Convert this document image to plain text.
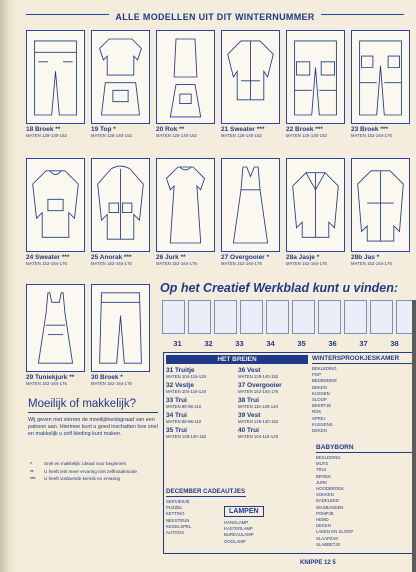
ALLE MODELLEN UIT DIT WINTERNUMMER
18 Broek **
MATEN 128-140-152
19 Top *
MATEN 128-140-152
20 Rok **
MATEN 128-140-152
21 Sweater ***
MATEN 128-140-152
22 Broek ***
MATEN 128-140-152
23 Broek ***
MATEN 152-164-176
24 Sweater ***
MATEN 152-164-176
25 Anorak ***
MATEN 152-164-176
26 Jurk **
MATEN 152-164-176
27 Overgooier *
MATEN 152-164-176
28a Jasje *
MATEN 152-164-176
28b Jas *
MATEN 152-164-176
29 Tuniekjurk **
MATEN 152-164-176
30 Broek *
MATEN 152-164-176
Op het Creatief Werkblad kunt u vinden:
31	32	33	34	35	36	37	38
HET BREIEN
31 Truitje
MATEN 104-116-128
36 Vest
MATEN 128-140-152
32 Vestje
MATEN 104-116-128
37 Overgooier
MATEN 152-164-176
33 Trui
MATEN 86-98-110
38 Trui
MATEN 116-128-140
34 Trui
MATEN 86-98-110
39 Vest
MATEN 128-140-152
35 Trui
MATEN 128-140-152
40 Trui
MATEN 104-116-128
WINTERSPROOKJESKAMER
BEKLEDING
POP
BEDBODEM
DEKEN
KUSSEN
SLOOP
BEERTJE
ROK
SPREI
KUSSENS
DEKEN
BABYBORN
BEKLEDING
MUTS
TRUI
BROEK
JURK
HOODBROEK
SOKKEN
BADKLEED
WASBANDEN
POMPJE
HEMD
DEKEN
LAKEN EN SLOOP
SLAAPZAK
SLABBETJE
DECEMBER CADEAUTJES
SERVIESJE
PUZZEL
KETTING
NEKSTEUN
KEGELSPEL
AUTOOS
LAMPEN
HANGLAMP
KASTERLAMP
BUREAULAMP
OOGLAMP
Moeilijk of makkelijk?

Wij geven met sterren de moeilijkheidsgraad van een patroon aan. Hiermee kunt u goed inschatten hoe snel en makkelijk u zelf kleding kunt maken.

*	Snel en makkelijk: ideaal voor beginners
**	U heeft iets meer ervaring met zelfmaakmode
***	U heeft voldoende kennis en ervaring
KNIPPE 12 5
